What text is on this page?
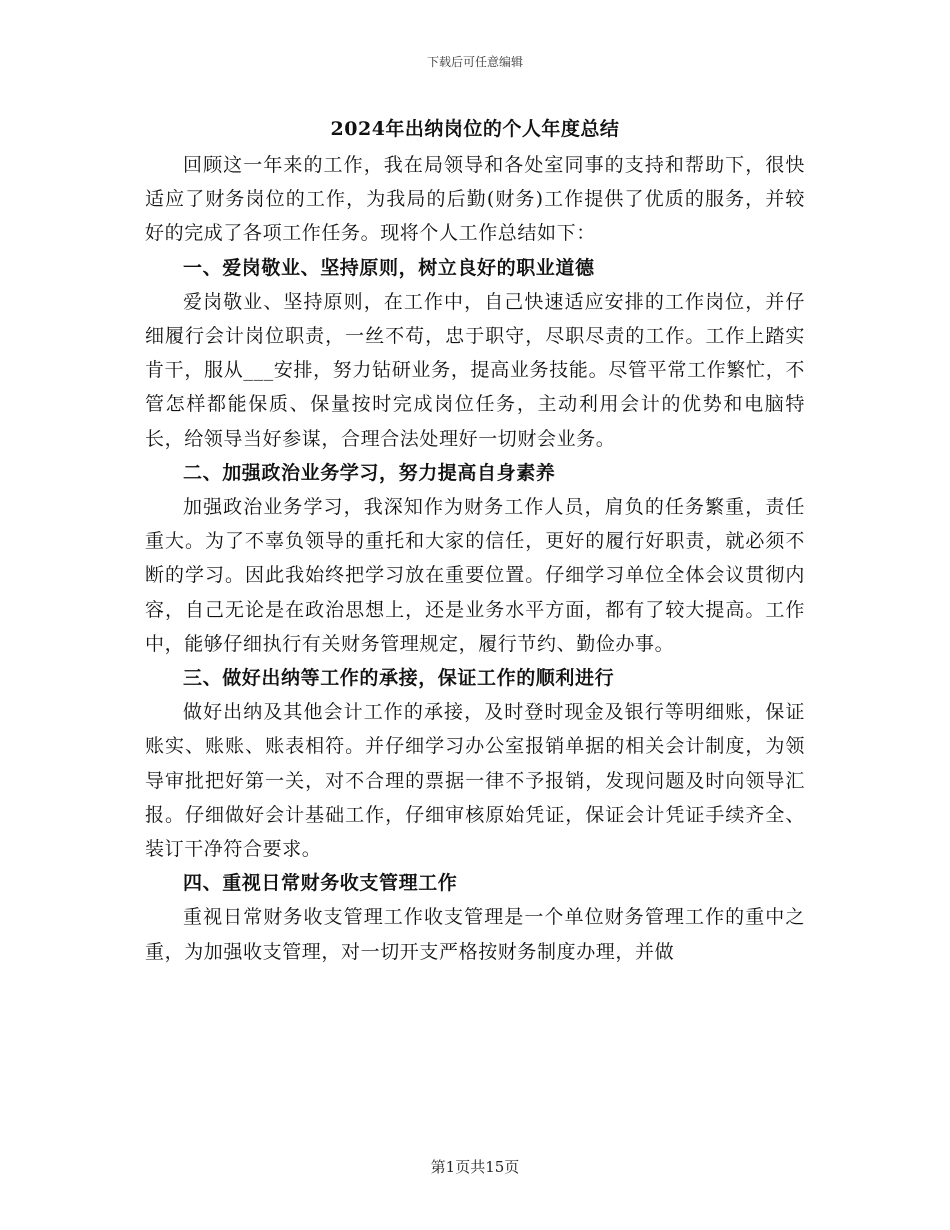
下载后可任意编辑
2024年出纳岗位的个人年度总结

回顾这一年来的工作，我在局领导和各处室同事的支持和帮助下，很快适应了财务岗位的工作，为我局的后勤(财务)工作提供了优质的服务，并较好的完成了各项工作任务。现将个人工作总结如下：

一、爱岗敬业、坚持原则，树立良好的职业道德

爱岗敬业、坚持原则，在工作中，自己快速适应安排的工作岗位，并仔细履行会计岗位职责，一丝不苟，忠于职守，尽职尽责的工作。工作上踏实肯干，服从___安排，努力钻研业务，提高业务技能。尽管平常工作繁忙，不管怎样都能保质、保量按时完成岗位任务，主动利用会计的优势和电脑特长，给领导当好参谋，合理合法处理好一切财会业务。

二、加强政治业务学习，努力提高自身素养

加强政治业务学习，我深知作为财务工作人员，肩负的任务繁重，责任重大。为了不辜负领导的重托和大家的信任，更好的履行好职责，就必须不断的学习。因此我始终把学习放在重要位置。仔细学习单位全体会议贯彻内容，自己无论是在政治思想上，还是业务水平方面，都有了较大提高。工作中，能够仔细执行有关财务管理规定，履行节约、勤俭办事。

三、做好出纳等工作的承接，保证工作的顺利进行

做好出纳及其他会计工作的承接，及时登时现金及银行等明细账，保证账实、账账、账表相符。并仔细学习办公室报销单据的相关会计制度，为领导审批把好第一关，对不合理的票据一律不予报销，发现问题及时向领导汇报。仔细做好会计基础工作，仔细审核原始凭证，保证会计凭证手续齐全、装订干净符合要求。

四、重视日常财务收支管理工作

重视日常财务收支管理工作收支管理是一个单位财务管理工作的重中之重，为加强收支管理，对一切开支严格按财务制度办理，并做

第1页共15页
